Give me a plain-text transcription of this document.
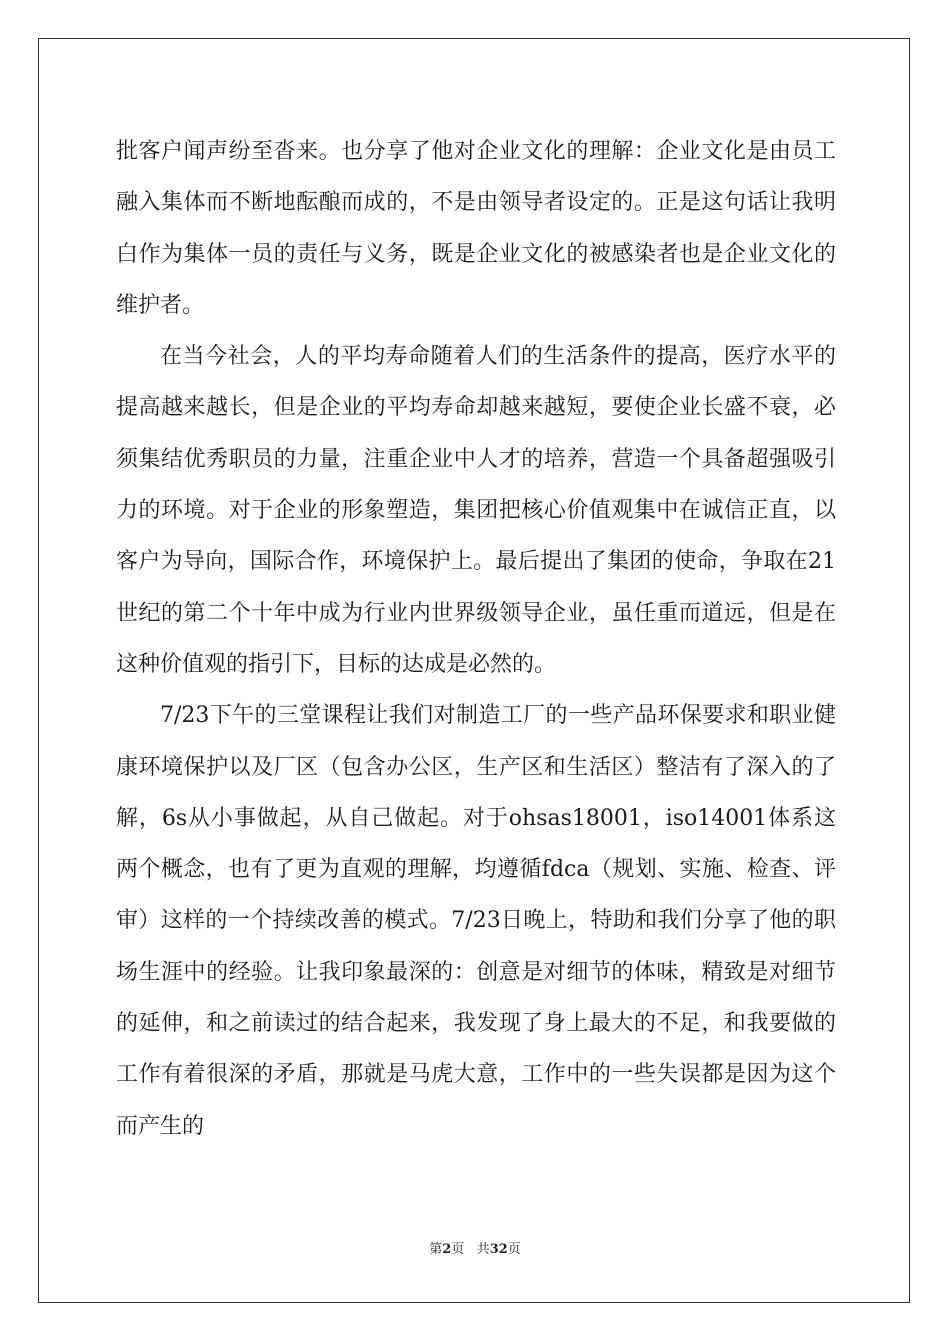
批客户闻声纷至沓来。也分享了他对企业文化的理解：企业文化是由员工融入集体而不断地酝酿而成的，不是由领导者设定的。正是这句话让我明白作为集体一员的责任与义务，既是企业文化的被感染者也是企业文化的维护者。

在当今社会，人的平均寿命随着人们的生活条件的提高，医疗水平的提高越来越长，但是企业的平均寿命却越来越短，要使企业长盛不衰，必须集结优秀职员的力量，注重企业中人才的培养，营造一个具备超强吸引力的环境。对于企业的形象塑造，集团把核心价值观集中在诚信正直，以客户为导向，国际合作，环境保护上。最后提出了集团的使命，争取在21世纪的第二个十年中成为行业内世界级领导企业，虽任重而道远，但是在这种价值观的指引下，目标的达成是必然的。

7/23下午的三堂课程让我们对制造工厂的一些产品环保要求和职业健康环境保护以及厂区（包含办公区，生产区和生活区）整洁有了深入的了解，6s从小事做起，从自己做起。对于ohsas18001，iso14001体系这两个概念，也有了更为直观的理解，均遵循fdca（规划、实施、检查、评审）这样的一个持续改善的模式。7/23日晚上，特助和我们分享了他的职场生涯中的经验。让我印象最深的：创意是对细节的体味，精致是对细节的延伸，和之前读过的结合起来，我发现了身上最大的不足，和我要做的工作有着很深的矛盾，那就是马虎大意，工作中的一些失误都是因为这个而产生的

第2页 共32页
